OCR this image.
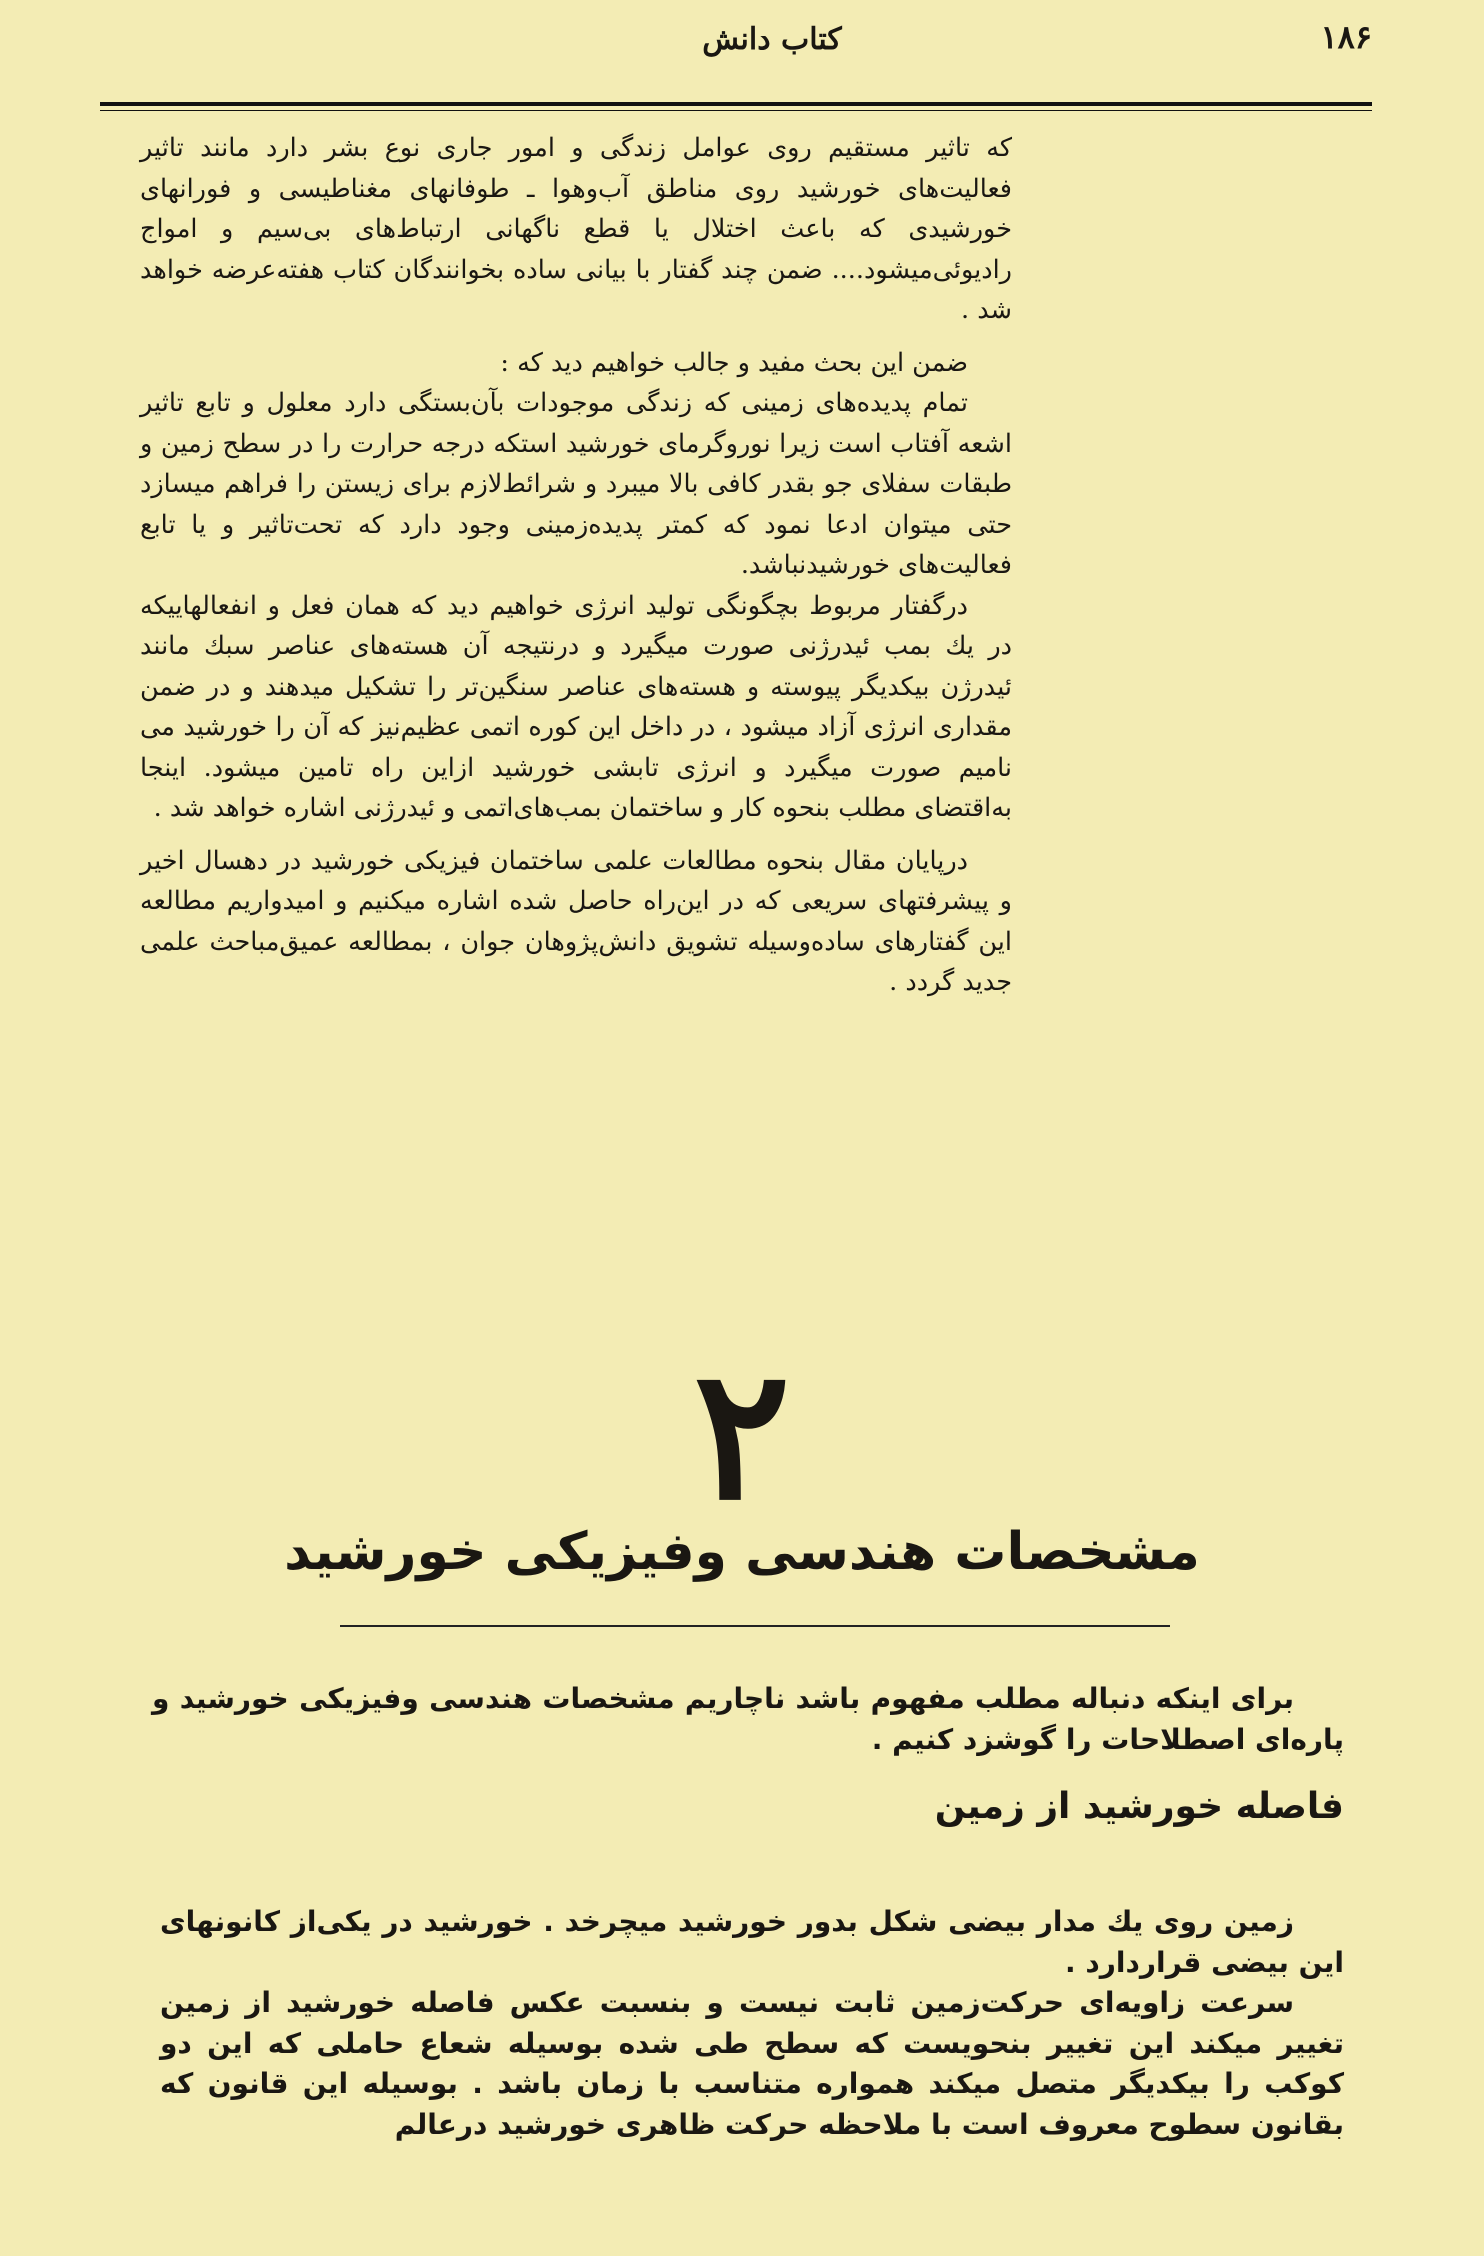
۱۸۶
کتاب دانش

که تاثیر مستقیم روی عوامل زندگی و امور جاری نوع بشر دارد مانند تاثیر فعالیت‌های خورشید روی مناطق آب‌وهوا ـ طوفانهای مغناطیسی و فورانهای خورشیدی که باعث اختلال یا قطع ناگهانی ارتباط‌های بی‌سیم و امواج رادیوئی‌میشود.... ضمن چند گفتار با بیانی ساده بخوانندگان کتاب هفته‌عرضه خواهد شد .

ضمن این بحث مفید و جالب خواهیم دید که :

تمام پدیده‌های زمینی که زندگی موجودات بآن‌بستگی دارد معلول و تابع تاثیر اشعه آفتاب است زیرا نوروگرمای خورشید استکه درجه حرارت را در سطح زمین و طبقات سفلای جو بقدر کافی بالا میبرد و شرائط‌لازم برای زیستن را فراهم میسازد حتی میتوان ادعا نمود که کمتر پدیده‌زمینی وجود دارد که تحت‌تاثیر و یا تابع فعالیت‌های خورشیدنباشد.

درگفتار مربوط بچگونگی تولید انرژی خواهیم دید که همان فعل و انفعالهاییکه در یك بمب ئیدرژنی صورت میگیرد و درنتیجه آن هسته‌های عناصر سبك مانند ئیدرژن بیکدیگر پیوسته و هسته‌های عناصر سنگین‌تر را تشکیل میدهند و در ضمن مقداری انرژی آزاد میشود ، در داخل این کوره اتمی عظیم‌نیز که آن را خورشید می نامیم صورت میگیرد و انرژی تابشی خورشید ازاین راه تامین میشود. اینجا به‌اقتضای مطلب بنحوه کار و ساختمان بمب‌های‌اتمی و ئیدرژنی اشاره خواهد شد .

درپایان مقال بنحوه مطالعات علمی ساختمان فیزیکی خورشید در دهسال اخیر و پیشرفتهای سریعی که در این‌راه حاصل شده اشاره میکنیم و امیدواریم مطالعه این گفتارهای ساده‌وسیله تشویق دانش‌پژوهان جوان ، بمطالعه عمیق‌مباحث علمی جدید گردد .

۲
مشخصات هندسی وفیزیکی خورشید

برای اینکه دنباله مطلب مفهوم باشد ناچاریم مشخصات هندسی وفیزیکی خورشید و پاره‌ای اصطلاحات را گوشزد کنیم .

فاصله خورشید از زمین

زمین روی یك مدار بیضی شکل بدور خورشید میچرخد . خورشید در یکی‌از کانونهای این بیضی قراردارد .

سرعت زاویه‌ای حرکت‌زمین ثابت نیست و بنسبت عکس فاصله خورشید از زمین تغییر میکند این تغییر بنحویست که سطح طی شده بوسیله شعاع حاملی که این دو کوکب را بیکدیگر متصل میکند همواره متناسب با زمان باشد . بوسیله این قانون که بقانون سطوح معروف است با ملاحظه حرکت ظاهری خورشید درعالم
